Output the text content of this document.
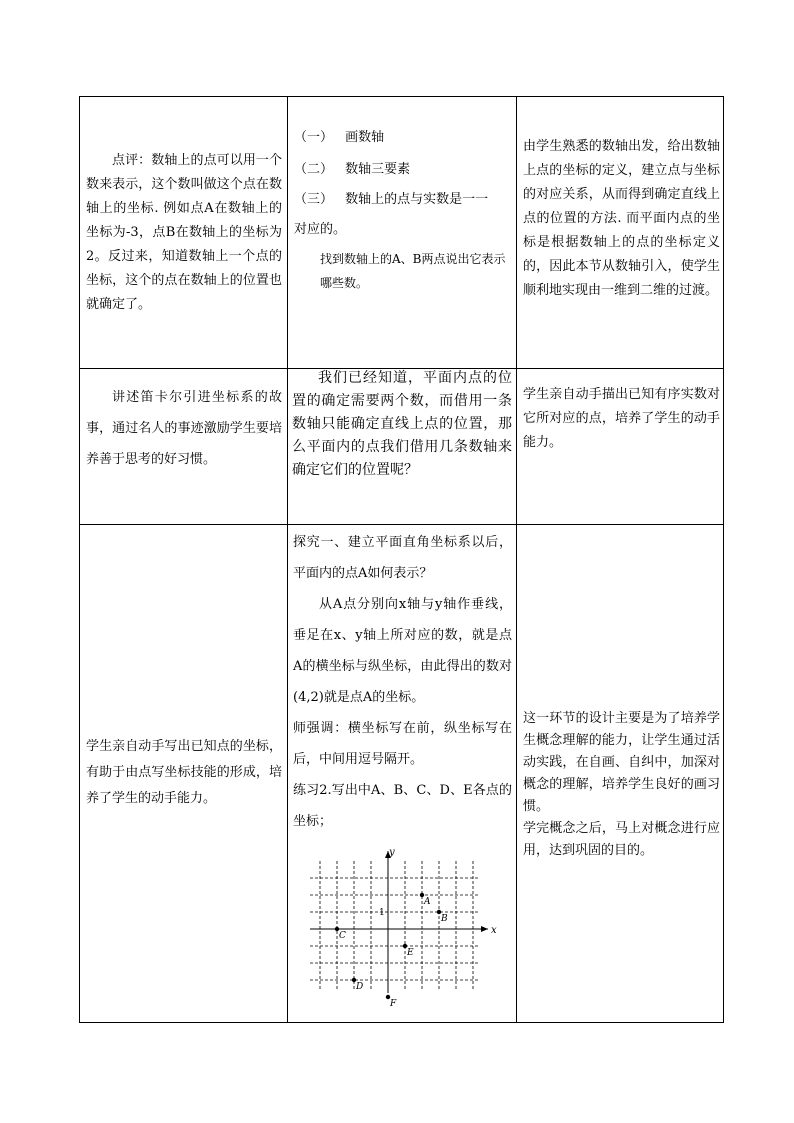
点评：数轴上的点可以用一个数来表示，这个数叫做这个点在数轴上的坐标. 例如点A在数轴上的坐标为-3，点B在数轴上的坐标为2。反过来，知道数轴上一个点的坐标，这个的点在数轴上的位置也就确定了。

（一） 画数轴

（二） 数轴三要素

（三） 数轴上的点与实数是一一

对应的。

找到数轴上的A、B两点说出它表示哪些数。

由学生熟悉的数轴出发，给出数轴上点的坐标的定义，建立点与坐标的对应关系，从而得到确定直线上点的位置的方法. 而平面内点的坐标是根据数轴上的点的坐标定义的，因此本节从数轴引入，使学生顺利地实现由一维到二维的过渡。

讲述笛卡尔引进坐标系的故事，通过名人的事迹激励学生要培养善于思考的好习惯。

我们已经知道，平面内点的位置的确定需要两个数，而借用一条数轴只能确定直线上点的位置，那么平面内的点我们借用几条数轴来确定它们的位置呢？

学生亲自动手描出已知有序实数对它所对应的点，培养了学生的动手能力。

学生亲自动手写出已知点的坐标，有助于由点写坐标技能的形成，培养了学生的动手能力。

探究一、建立平面直角坐标系以后，平面内的点A如何表示？

从A点分别向x轴与y轴作垂线，垂足在x、y轴上所对应的数，就是点A的横坐标与纵坐标，由此得出的数对(4,2)就是点A的坐标。

师强调：横坐标写在前，纵坐标写在后，中间用逗号隔开。

练习2.写出中A、B、C、D、E各点的坐标；

这一环节的设计主要是为了培养学生概念理解的能力，让学生通过活动实践，在自画、自纠中，加深对概念的理解，培养学生良好的画习惯。

学完概念之后，马上对概念进行应用，达到巩固的目的。

x
y
1
A
B
C
D
E
F
